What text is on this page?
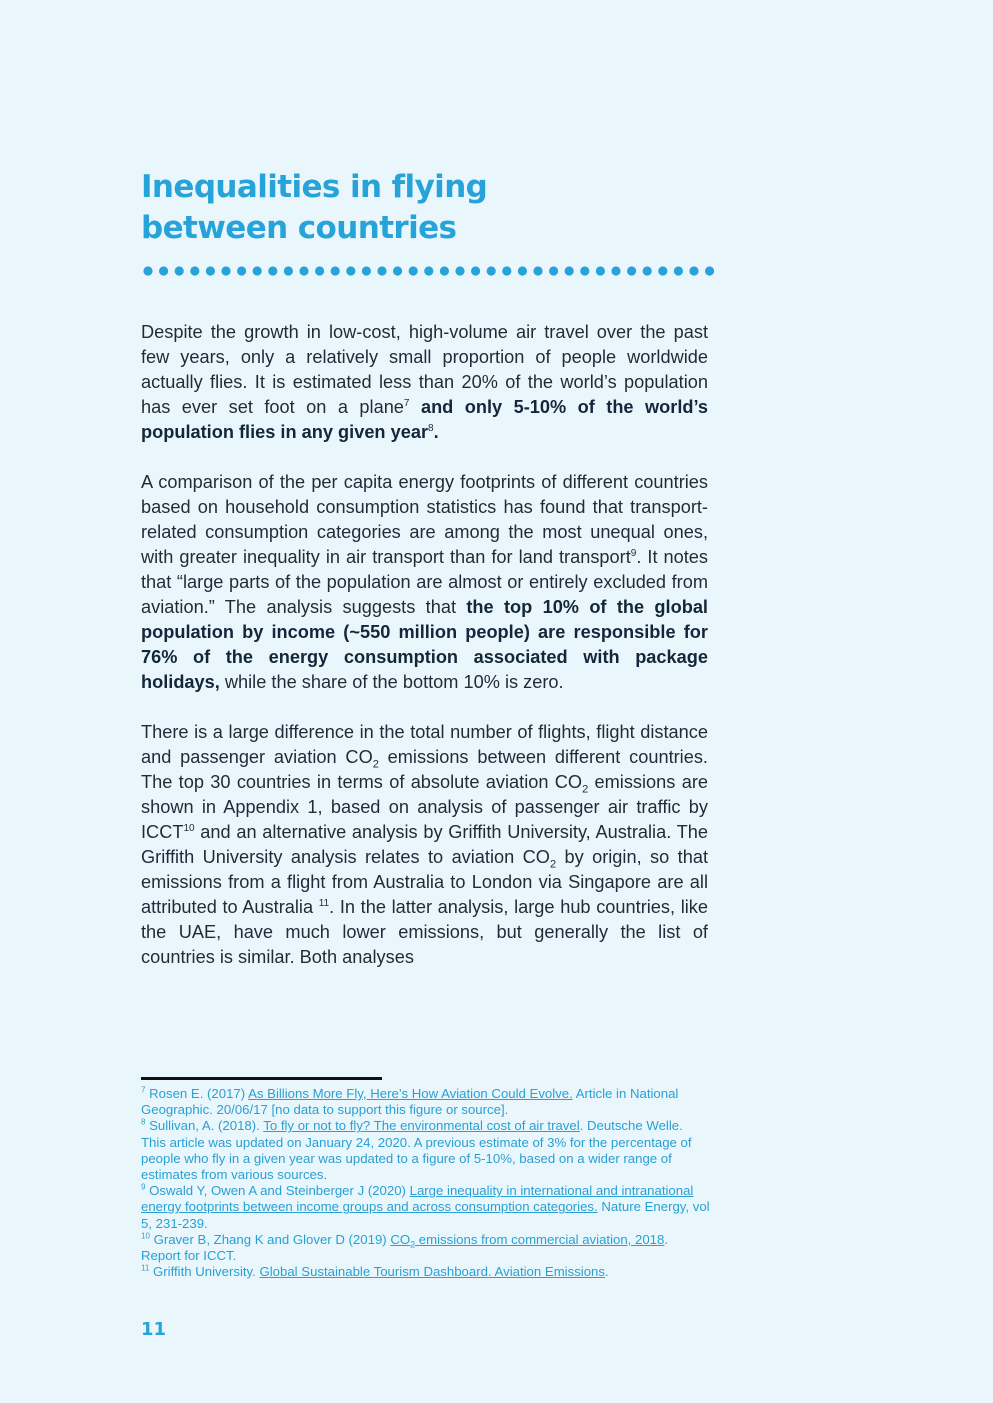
Inequalities in flying
between countries

Despite the growth in low-cost, high-volume air travel over the past few years, only a relatively small proportion of people worldwide actually flies. It is estimated less than 20% of the world’s population has ever set foot on a plane$^7$ and only 5-10% of the world’s population flies in any given year$^8$.

A comparison of the per capita energy footprints of different countries based on household consumption statistics has found that transport-related consumption categories are among the most unequal ones, with greater inequality in air transport than for land transport$^9$. It notes that “large parts of the population are almost or entirely excluded from aviation.” The analysis suggests that the top 10% of the global population by income (~550 million people) are responsible for 76% of the energy consumption associated with package holidays, while the share of the bottom 10% is zero.

There is a large difference in the total number of flights, flight distance and passenger aviation $CO_2$ emissions between different countries. The top 30 countries in terms of absolute aviation $CO_2$ emissions are shown in Appendix 1, based on analysis of passenger air traffic by ICCT$^{10}$ and an alternative analysis by Griffith University, Australia. The Griffith University analysis relates to aviation $CO_2$ by origin, so that emissions from a flight from Australia to London via Singapore are all attributed to Australia $^{11}$. In the latter analysis, large hub countries, like the UAE, have much lower emissions, but generally the list of countries is similar. Both analyses

$^7$ Rosen E. (2017) As Billions More Fly, Here’s How Aviation Could Evolve. Article in National Geographic. 20/06/17 [no data to support this figure or source].

$^8$ Sullivan, A. (2018). To fly or not to fly? The environmental cost of air travel. Deutsche Welle. This article was updated on January 24, 2020. A previous estimate of 3% for the percentage of people who fly in a given year was updated to a figure of 5-10%, based on a wider range of estimates from various sources.

$^9$ Oswald Y, Owen A and Steinberger J (2020) Large inequality in international and intranational energy footprints between income groups and across consumption categories. Nature Energy, vol 5, 231-239.

$^{10}$ Graver B, Zhang K and Glover D (2019) $CO_2$ emissions from commercial aviation, 2018. Report for ICCT.

$^{11}$ Griffith University. Global Sustainable Tourism Dashboard. Aviation Emissions.

11
